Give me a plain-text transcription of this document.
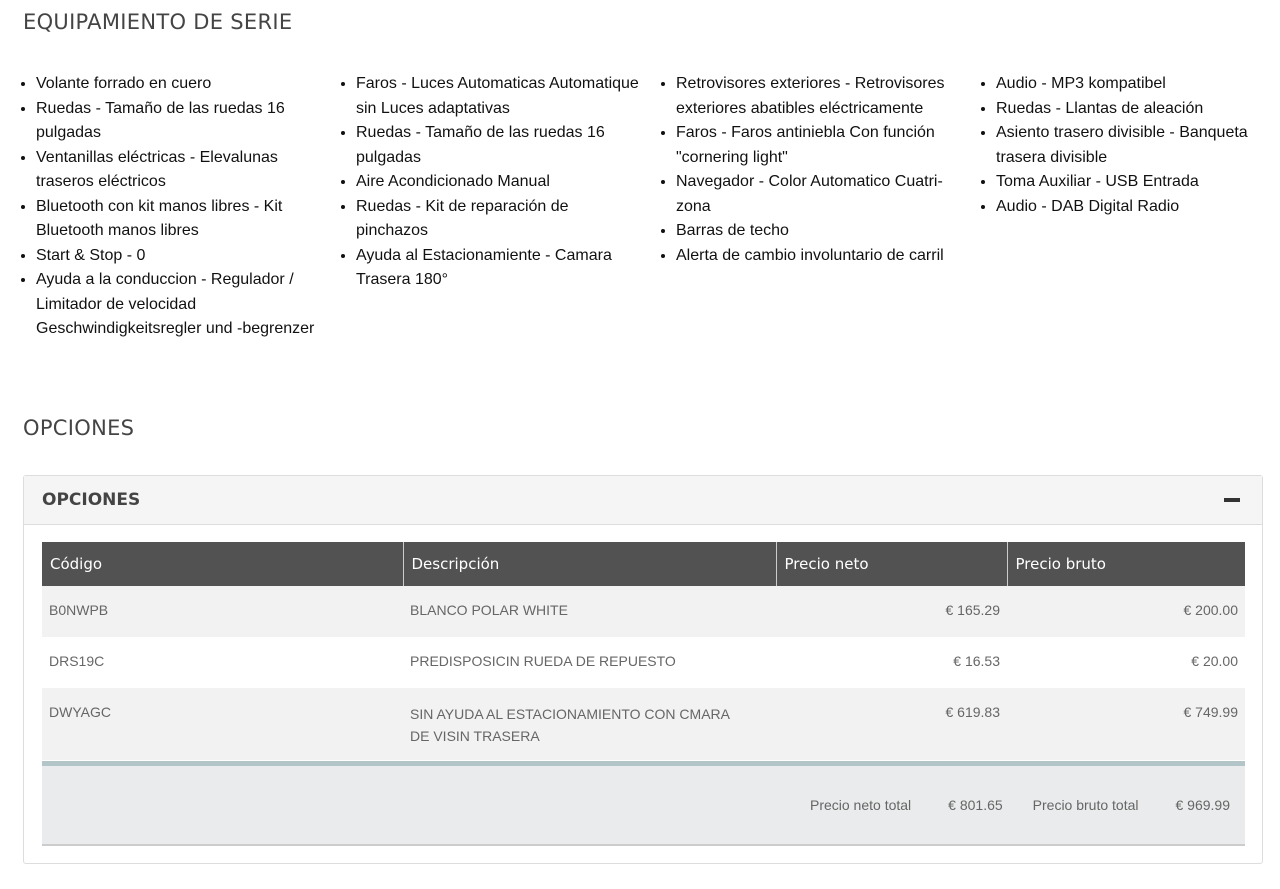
EQUIPAMIENTO DE SERIE
• Volante forrado en cuero
• Ruedas - Tamaño de las ruedas 16 pulgadas
• Ventanillas eléctricas - Elevalunas traseros eléctricos
• Bluetooth con kit manos libres - Kit Bluetooth manos libres
• Start & Stop - 0
• Ayuda a la conduccion - Regulador / Limitador de velocidad Geschwindigkeitsregler und -begrenzer
• Faros - Luces Automaticas Automatique sin Luces adaptativas
• Ruedas - Tamaño de las ruedas 16 pulgadas
• Aire Acondicionado Manual
• Ruedas - Kit de reparación de pinchazos
• Ayuda al Estacionamiente - Camara Trasera 180°
• Retrovisores exteriores - Retrovisores exteriores abatibles eléctricamente
• Faros - Faros antiniebla Con función "cornering light"
• Navegador - Color Automatico Cuatri-zona
• Barras de techo
• Alerta de cambio involuntario de carril
• Audio - MP3 kompatibel
• Ruedas - Llantas de aleación
• Asiento trasero divisible - Banqueta trasera divisible
• Toma Auxiliar - USB Entrada
• Audio - DAB Digital Radio
OPCIONES
OPCIONES
Código	Descripción	Precio neto	Precio bruto
B0NWPB	BLANCO POLAR WHITE	€ 165.29	€ 200.00
DRS19C	PREDISPOSICIN RUEDA DE REPUESTO	€ 16.53	€ 20.00
DWYAGC	SIN AYUDA AL ESTACIONAMIENTO CON CMARA DE VISIN TRASERA	€ 619.83	€ 749.99
Precio neto total	€ 801.65 Precio bruto total	€ 969.99
